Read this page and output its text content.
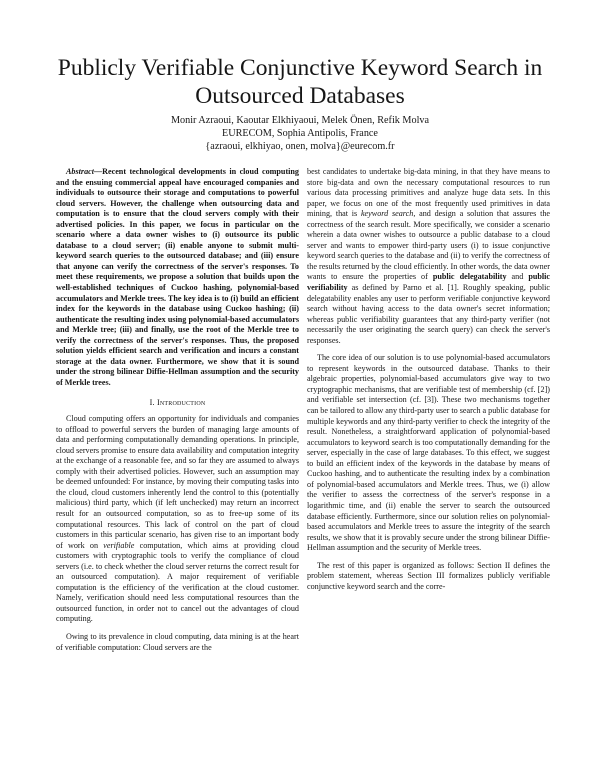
Publicly Verifiable Conjunctive Keyword Search in
Outsourced Databases
Monir Azraoui, Kaoutar Elkhiyaoui, Melek Önen, Refik Molva
EURECOM, Sophia Antipolis, France
{azraoui, elkhiyao, onen, molva}@eurecom.fr

Abstract—Recent technological developments in cloud computing and the ensuing commercial appeal have encouraged companies and individuals to outsource their storage and computations to powerful cloud servers. However, the challenge when outsourcing data and computation is to ensure that the cloud servers comply with their advertised policies. In this paper, we focus in particular on the scenario where a data owner wishes to (i) outsource its public database to a cloud server; (ii) enable anyone to submit multi-keyword search queries to the outsourced database; and (iii) ensure that anyone can verify the correctness of the server's responses. To meet these requirements, we propose a solution that builds upon the well-established techniques of Cuckoo hashing, polynomial-based accumulators and Merkle trees. The key idea is to (i) build an efficient index for the keywords in the database using Cuckoo hashing; (ii) authenticate the resulting index using polynomial-based accumulators and Merkle tree; (iii) and finally, use the root of the Merkle tree to verify the correctness of the server's responses. Thus, the proposed solution yields efficient search and verification and incurs a constant storage at the data owner. Furthermore, we show that it is sound under the strong bilinear Diffie-Hellman assumption and the security of Merkle trees.

I. Introduction

Cloud computing offers an opportunity for individuals and companies to offload to powerful servers the burden of managing large amounts of data and performing computationally demanding operations. In principle, cloud servers promise to ensure data availability and computation integrity at the exchange of a reasonable fee, and so far they are assumed to always comply with their advertised policies. However, such an assumption may be deemed unfounded: For instance, by moving their computing tasks into the cloud, cloud customers inherently lend the control to this (potentially malicious) third party, which (if left unchecked) may return an incorrect result for an outsourced computation, so as to free-up some of its computational resources. This lack of control on the part of cloud customers in this particular scenario, has given rise to an important body of work on verifiable computation, which aims at providing cloud customers with cryptographic tools to verify the compliance of cloud servers (i.e. to check whether the cloud server returns the correct result for an outsourced computation). A major requirement of verifiable computation is the efficiency of the verification at the cloud customer. Namely, verification should need less computational resources than the outsourced function, in order not to cancel out the advantages of cloud computing.

Owing to its prevalence in cloud computing, data mining is at the heart of verifiable computation: Cloud servers are the

best candidates to undertake big-data mining, in that they have means to store big-data and own the necessary computational resources to run various data processing primitives and analyze huge data sets. In this paper, we focus on one of the most frequently used primitives in data mining, that is keyword search, and design a solution that assures the correctness of the search result. More specifically, we consider a scenario wherein a data owner wishes to outsource a public database to a cloud server and wants to empower third-party users (i) to issue conjunctive keyword search queries to the database and (ii) to verify the correctness of the results returned by the cloud efficiently. In other words, the data owner wants to ensure the properties of public delegatability and public verifiability as defined by Parno et al. [1]. Roughly speaking, public delegatability enables any user to perform verifiable conjunctive keyword search without having access to the data owner's secret information; whereas public verifiability guarantees that any third-party verifier (not necessarily the user originating the search query) can check the server's responses.

The core idea of our solution is to use polynomial-based accumulators to represent keywords in the outsourced database. Thanks to their algebraic properties, polynomial-based accumulators give way to two cryptographic mechanisms, that are verifiable test of membership (cf. [2]) and verifiable set intersection (cf. [3]). These two mechanisms together can be tailored to allow any third-party user to search a public database for multiple keywords and any third-party verifier to check the integrity of the result. Nonetheless, a straightforward application of polynomial-based accumulators to keyword search is too computationally demanding for the server, especially in the case of large databases. To this effect, we suggest to build an efficient index of the keywords in the database by means of Cuckoo hashing, and to authenticate the resulting index by a combination of polynomial-based accumulators and Merkle trees. Thus, we (i) allow the verifier to assess the correctness of the server's response in a logarithmic time, and (ii) enable the server to search the outsourced database efficiently. Furthermore, since our solution relies on polynomial-based accumulators and Merkle trees to assure the integrity of the search results, we show that it is provably secure under the strong bilinear Diffie-Hellman assumption and the security of Merkle trees.

The rest of this paper is organized as follows: Section II defines the problem statement, whereas Section III formalizes publicly verifiable conjunctive keyword search and the corre-
